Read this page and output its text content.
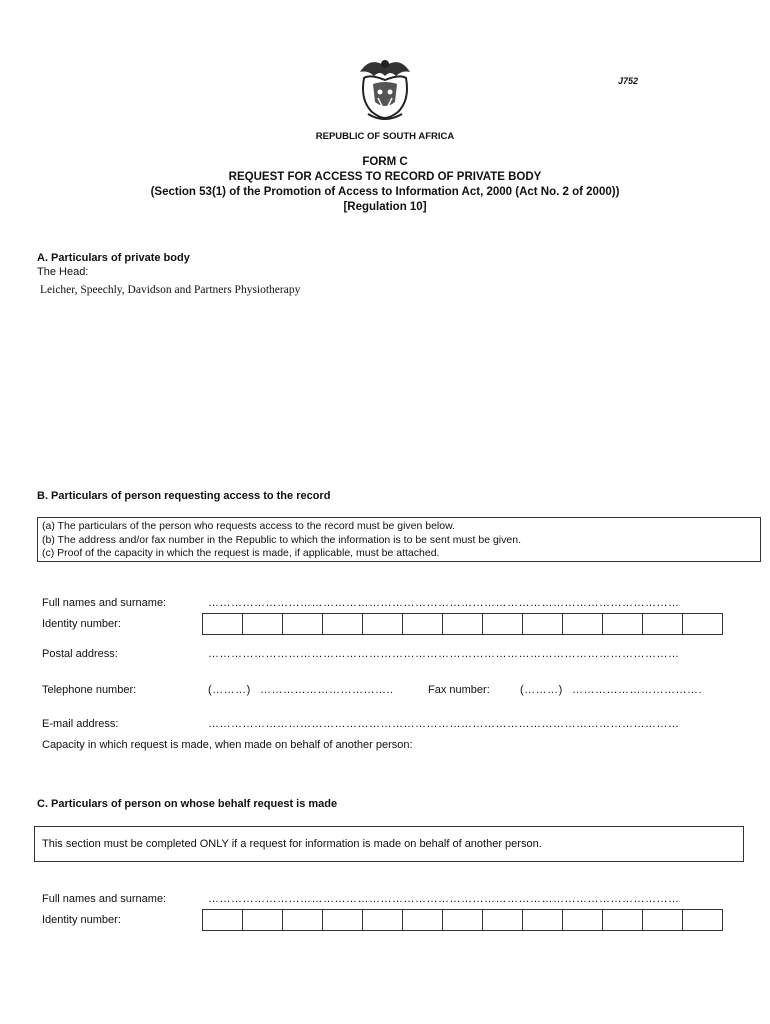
J752
REPUBLIC OF SOUTH AFRICA
FORM C
REQUEST FOR ACCESS TO RECORD OF PRIVATE BODY
(Section 53(1) of the Promotion of Access to Information Act, 2000 (Act No. 2 of 2000))
[Regulation 10]
A. Particulars of private body
The Head:
Leicher, Speechly, Davidson and Partners Physiotherapy
B. Particulars of person requesting access to the record
(a) The particulars of the person who requests access to the record must be given below.
(b) The address and/or fax number in the Republic to which the information is to be sent must be given.
(c) Proof of the capacity in which the request is made, if applicable, must be attached.
Full names and surname:	……………………………………………………………………………………………………………
Identity number:
Postal address:	……………………………………………………………………………………………………………
Telephone number:	(………) ……………………………..	Fax number:	(………) …………………………….
E-mail address:	……………………………………………………………………………………………………………
Capacity in which request is made, when made on behalf of another person:
C. Particulars of person on whose behalf request is made
This section must be completed ONLY if a request for information is made on behalf of another person.
Full names and surname:	……………………………………………………………………………………………………………
Identity number:
